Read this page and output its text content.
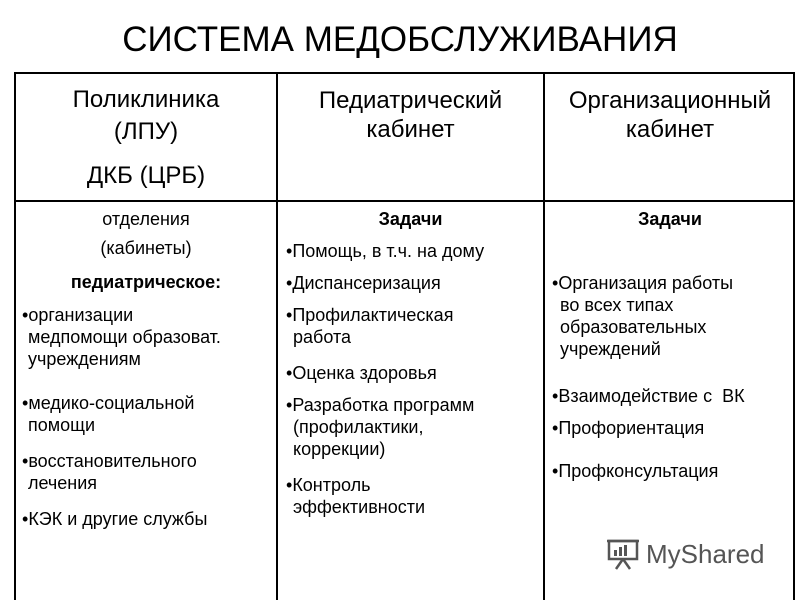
СИСТЕМА МЕДОБСЛУЖИВАНИЯ
Поликлиника
(ЛПУ)
ДКБ (ЦРБ)
Педиатрический
кабинет
Организационный
кабинет
отделения
(кабинеты)
педиатрическое:
• организации
медпомощи образоват.
учреждениям
• медико-социальной
помощи
• восстановительного
лечения
• КЭК и другие службы
Задачи
• Помощь, в т.ч. на дому
• Диспансеризация
• Профилактическая
работа
• Оценка здоровья
• Разработка программ
(профилактики,
коррекции)
• Контроль
эффективности
Задачи
• Организация работы
во всех типах
образовательных
учреждений
• Взаимодействие с  ВК
• Профориентация
• Профконсультация
MyShared
